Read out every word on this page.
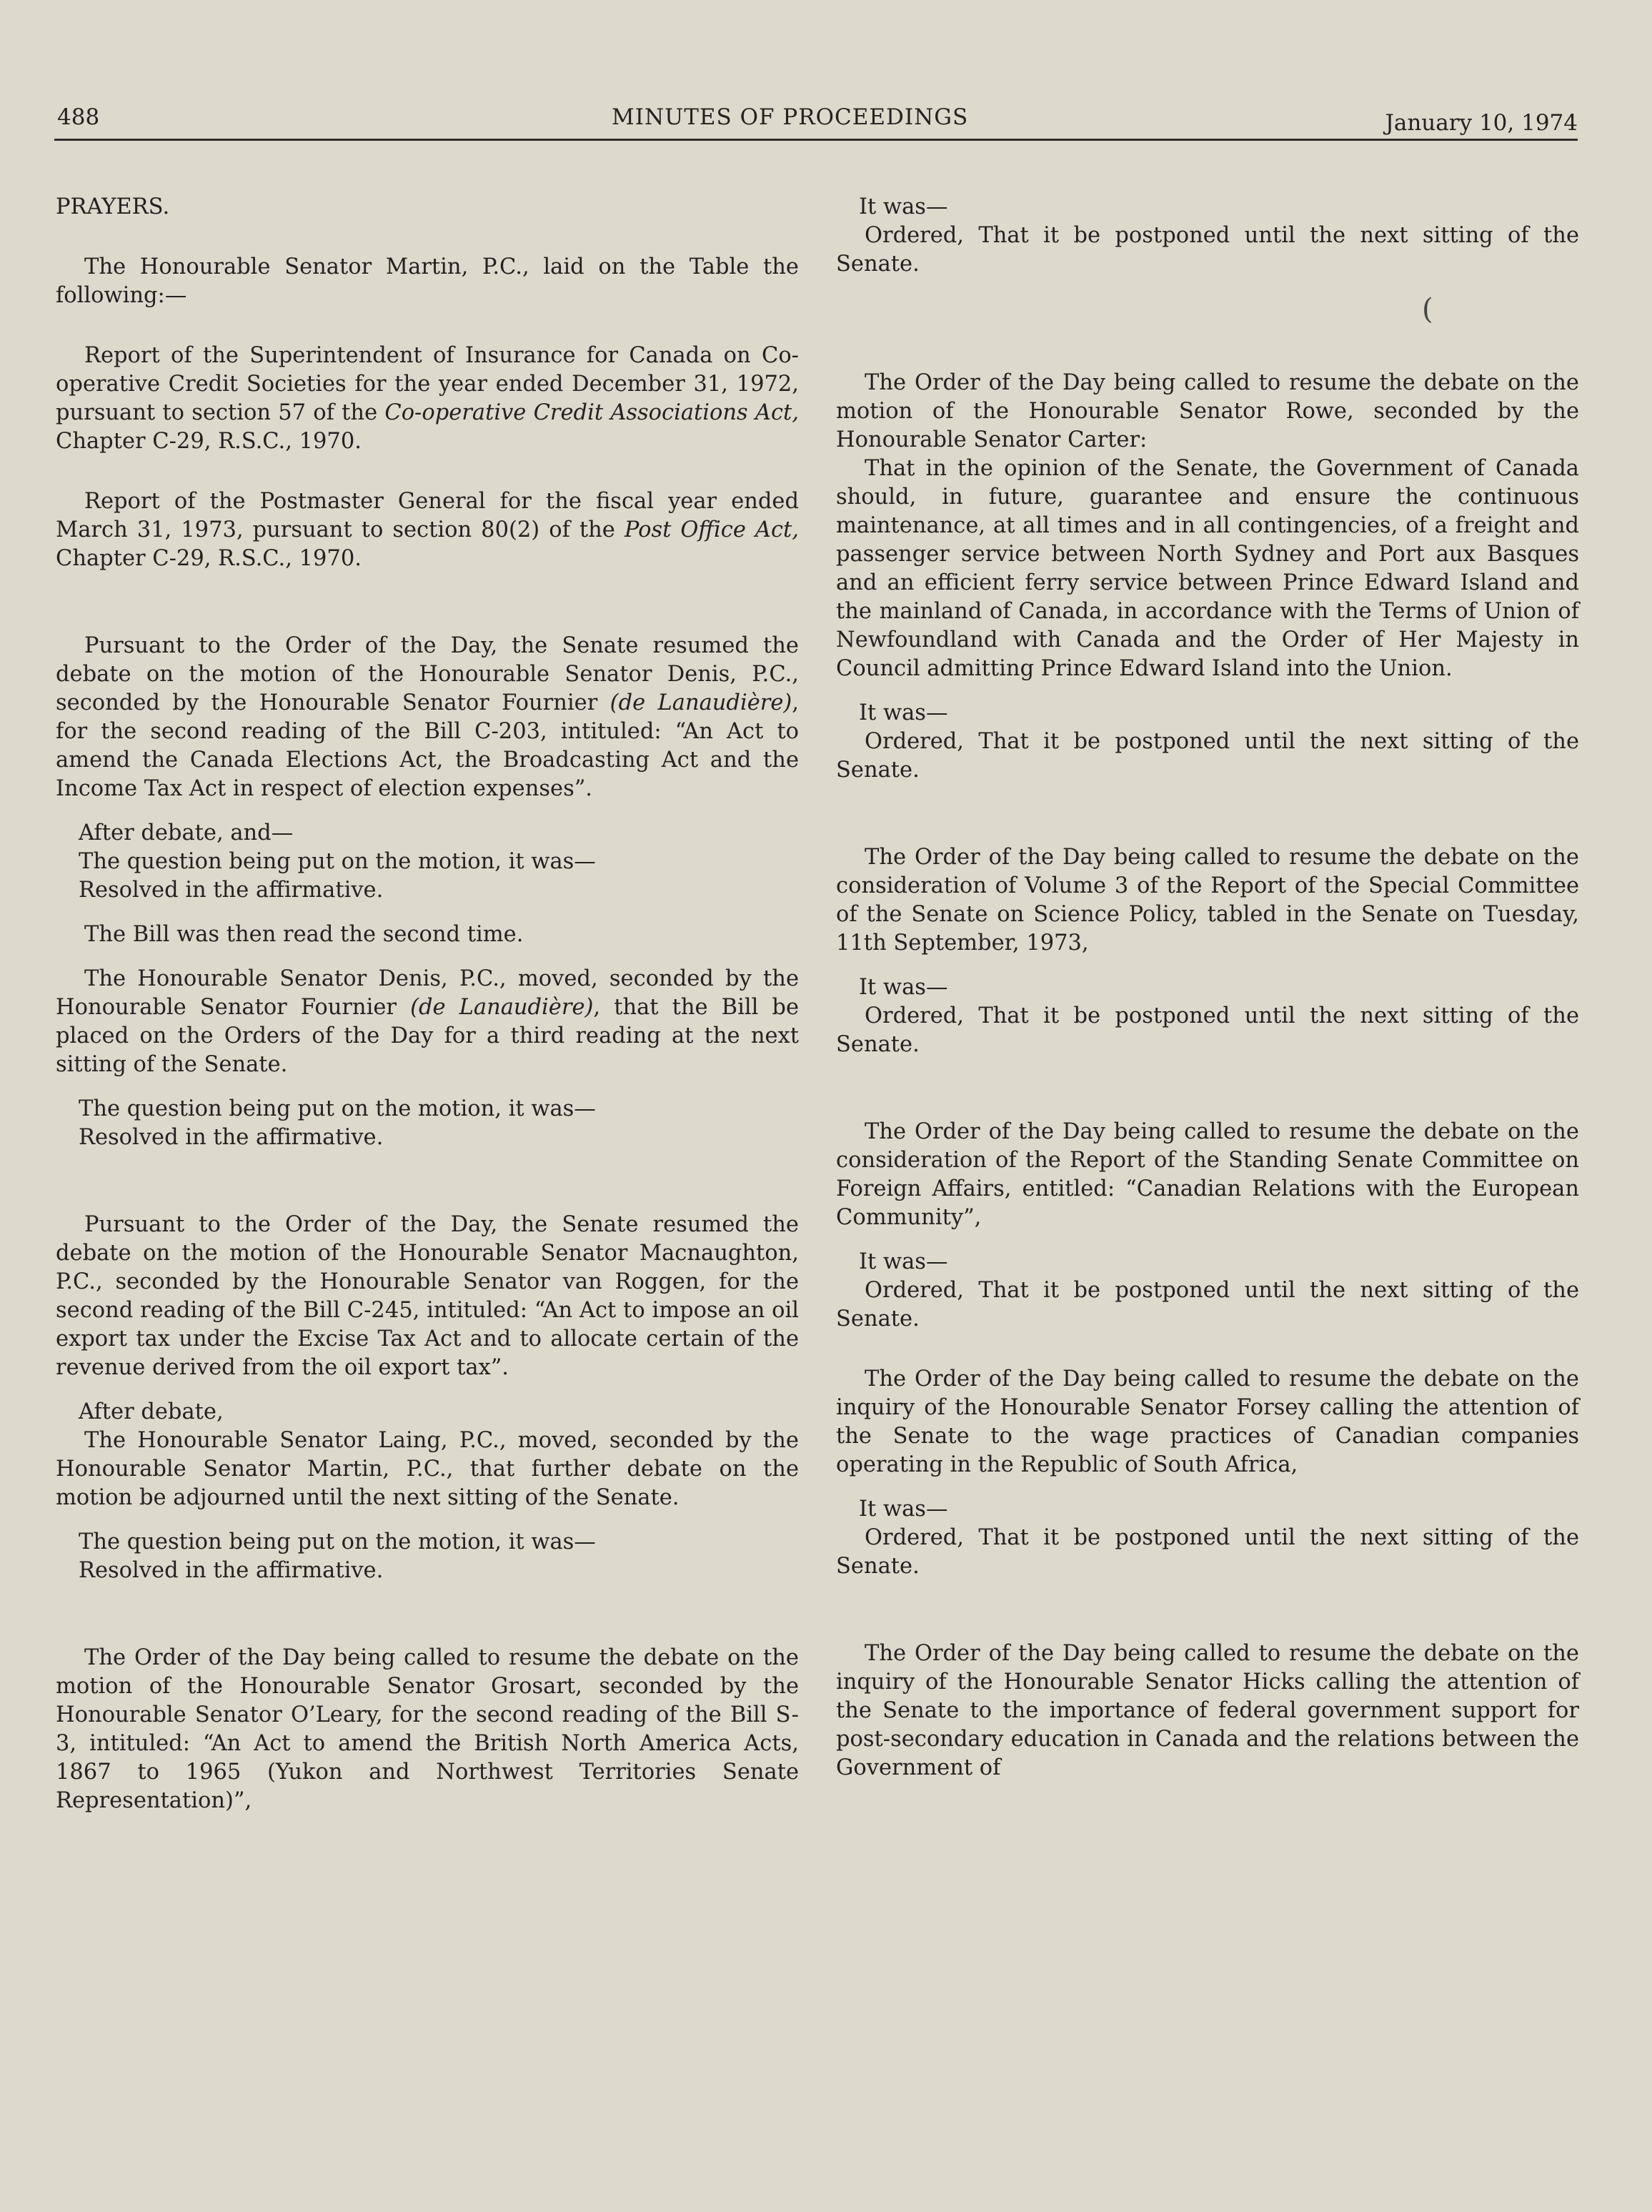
488	MINUTES OF PROCEEDINGS	January 10, 1974
(

PRAYERS.

The Honourable Senator Martin, P.C., laid on the Table the following:—

Report of the Superintendent of Insurance for Canada on Co-operative Credit Societies for the year ended December 31, 1972, pursuant to section 57 of the Co-operative Credit Associations Act, Chapter C-29, R.S.C., 1970.

Report of the Postmaster General for the fiscal year ended March 31, 1973, pursuant to section 80(2) of the Post Office Act, Chapter C-29, R.S.C., 1970.

Pursuant to the Order of the Day, the Senate resumed the debate on the motion of the Honourable Senator Denis, P.C., seconded by the Honourable Senator Fournier (de Lanaudière), for the second reading of the Bill C-203, intituled: “An Act to amend the Canada Elections Act, the Broadcasting Act and the Income Tax Act in respect of election expenses”.

After debate, and—

The question being put on the motion, it was—

Resolved in the affirmative.

The Bill was then read the second time.

The Honourable Senator Denis, P.C., moved, seconded by the Honourable Senator Fournier (de Lanaudière), that the Bill be placed on the Orders of the Day for a third reading at the next sitting of the Senate.

The question being put on the motion, it was—

Resolved in the affirmative.

Pursuant to the Order of the Day, the Senate resumed the debate on the motion of the Honourable Senator Macnaughton, P.C., seconded by the Honourable Senator van Roggen, for the second reading of the Bill C-245, intituled: “An Act to impose an oil export tax under the Excise Tax Act and to allocate certain of the revenue derived from the oil export tax”.

After debate,

The Honourable Senator Laing, P.C., moved, seconded by the Honourable Senator Martin, P.C., that further debate on the motion be adjourned until the next sitting of the Senate.

The question being put on the motion, it was—

Resolved in the affirmative.

The Order of the Day being called to resume the debate on the motion of the Honourable Senator Grosart, seconded by the Honourable Senator O’Leary, for the second reading of the Bill S-3, intituled: “An Act to amend the British North America Acts, 1867 to 1965 (Yukon and Northwest Territories Senate Representation)”,

It was—

Ordered, That it be postponed until the next sitting of the Senate.

The Order of the Day being called to resume the debate on the motion of the Honourable Senator Rowe, seconded by the Honourable Senator Carter:

That in the opinion of the Senate, the Government of Canada should, in future, guarantee and ensure the continuous maintenance, at all times and in all contingencies, of a freight and passenger service between North Sydney and Port aux Basques and an efficient ferry service between Prince Edward Island and the mainland of Canada, in accordance with the Terms of Union of Newfoundland with Canada and the Order of Her Majesty in Council admitting Prince Edward Island into the Union.

It was—

Ordered, That it be postponed until the next sitting of the Senate.

The Order of the Day being called to resume the debate on the consideration of Volume 3 of the Report of the Special Committee of the Senate on Science Policy, tabled in the Senate on Tuesday, 11th September, 1973,

It was—

Ordered, That it be postponed until the next sitting of the Senate.

The Order of the Day being called to resume the debate on the consideration of the Report of the Standing Senate Committee on Foreign Affairs, entitled: “Canadian Relations with the European Community”,

It was—

Ordered, That it be postponed until the next sitting of the Senate.

The Order of the Day being called to resume the debate on the inquiry of the Honourable Senator Forsey calling the attention of the Senate to the wage practices of Canadian companies operating in the Republic of South Africa,

It was—

Ordered, That it be postponed until the next sitting of the Senate.

The Order of the Day being called to resume the debate on the inquiry of the Honourable Senator Hicks calling the attention of the Senate to the importance of federal government support for post-secondary education in Canada and the relations between the Government of
